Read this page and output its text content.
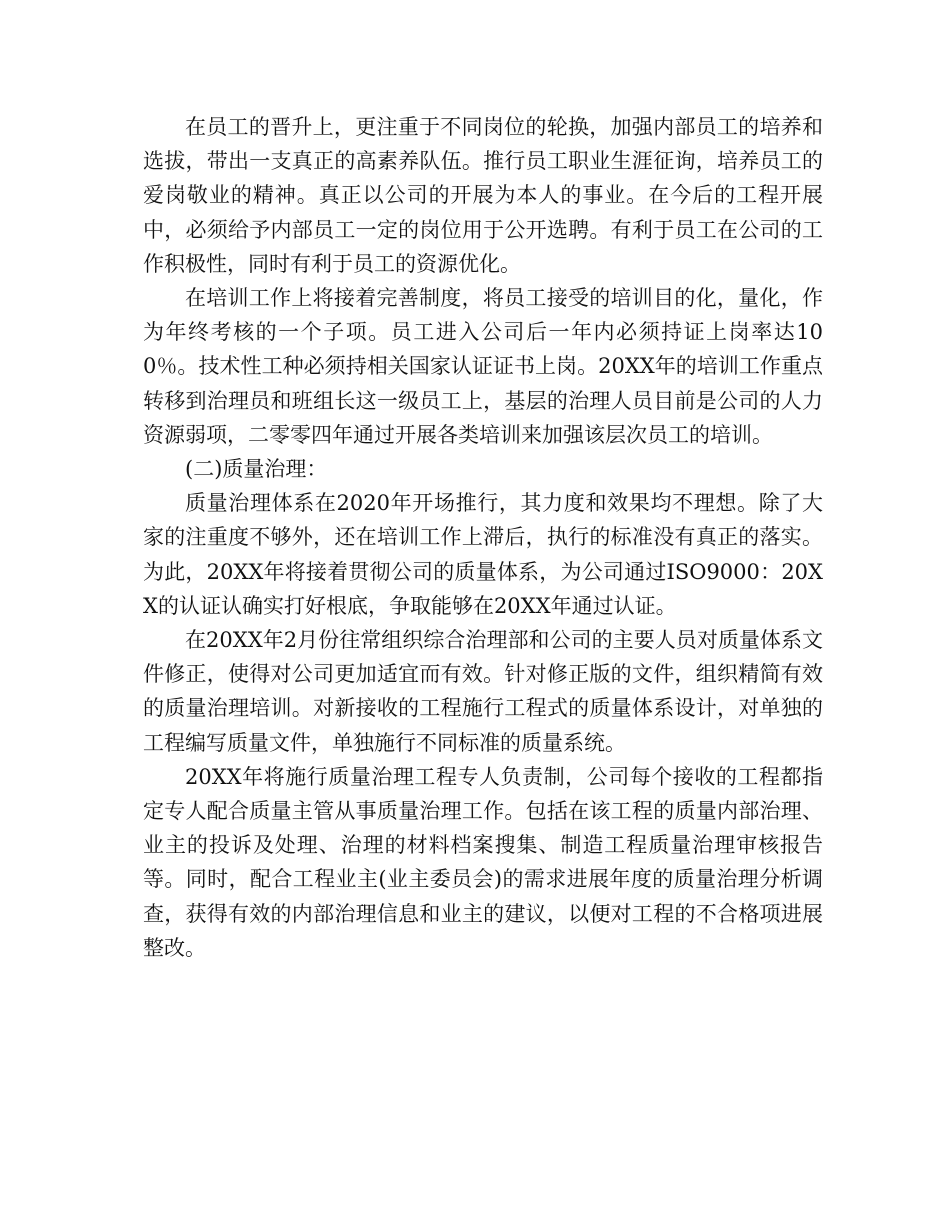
在员工的晋升上，更注重于不同岗位的轮换，加强内部员工的培养和选拔，带出一支真正的高素养队伍。推行员工职业生涯征询，培养员工的爱岗敬业的精神。真正以公司的开展为本人的事业。在今后的工程开展中，必须给予内部员工一定的岗位用于公开选聘。有利于员工在公司的工作积极性，同时有利于员工的资源优化。

在培训工作上将接着完善制度，将员工接受的培训目的化，量化，作为年终考核的一个子项。员工进入公司后一年内必须持证上岗率达100％。技术性工种必须持相关国家认证证书上岗。20XX年的培训工作重点转移到治理员和班组长这一级员工上，基层的治理人员目前是公司的人力资源弱项，二零零四年通过开展各类培训来加强该层次员工的培训。

(二)质量治理：

质量治理体系在2020年开场推行，其力度和效果均不理想。除了大家的注重度不够外，还在培训工作上滞后，执行的标准没有真正的落实。为此，20XX年将接着贯彻公司的质量体系，为公司通过ISO9000：20XX的认证认确实打好根底，争取能够在20XX年通过认证。

在20XX年2月份往常组织综合治理部和公司的主要人员对质量体系文件修正，使得对公司更加适宜而有效。针对修正版的文件，组织精简有效的质量治理培训。对新接收的工程施行工程式的质量体系设计，对单独的工程编写质量文件，单独施行不同标准的质量系统。

20XX年将施行质量治理工程专人负责制，公司每个接收的工程都指定专人配合质量主管从事质量治理工作。包括在该工程的质量内部治理、业主的投诉及处理、治理的材料档案搜集、制造工程质量治理审核报告等。同时，配合工程业主(业主委员会)的需求进展年度的质量治理分析调查，获得有效的内部治理信息和业主的建议，以便对工程的不合格项进展整改。
